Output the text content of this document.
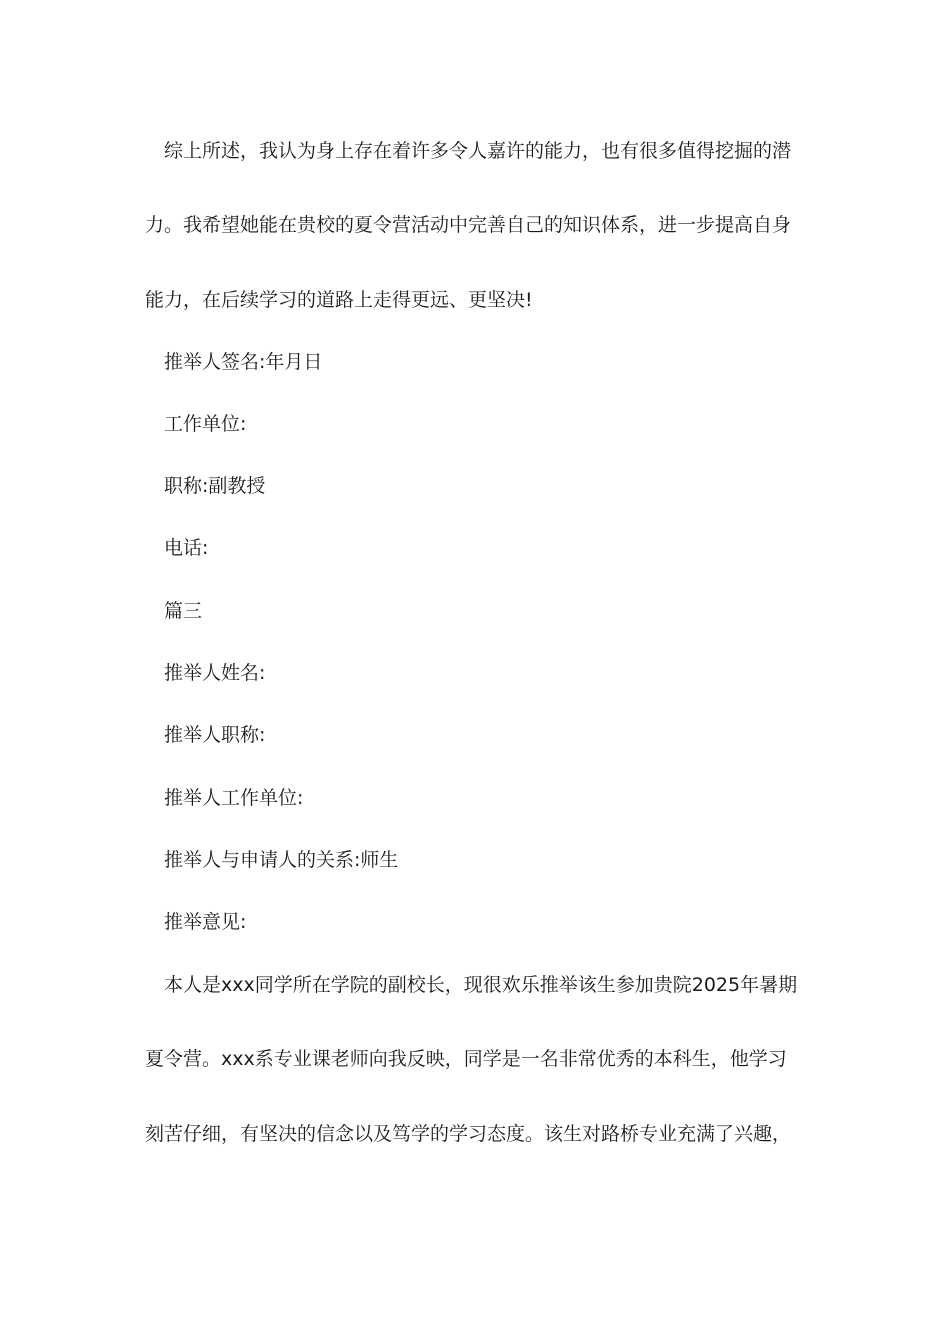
综上所述，我认为身上存在着许多令人嘉许的能力，也有很多值得挖掘的潜
力。我希望她能在贵校的夏令营活动中完善自己的知识体系，进一步提高自身
能力，在后续学习的道路上走得更远、更坚决!
推举人签名:年月日
工作单位:
职称:副教授
电话:
篇三
推举人姓名:
推举人职称:
推举人工作单位:
推举人与申请人的关系:师生
推举意见:
本人是xxx同学所在学院的副校长，现很欢乐推举该生参加贵院2025年暑期
夏令营。xxx系专业课老师向我反映，同学是一名非常优秀的本科生，他学习
刻苦仔细，有坚决的信念以及笃学的学习态度。该生对路桥专业充满了兴趣，
